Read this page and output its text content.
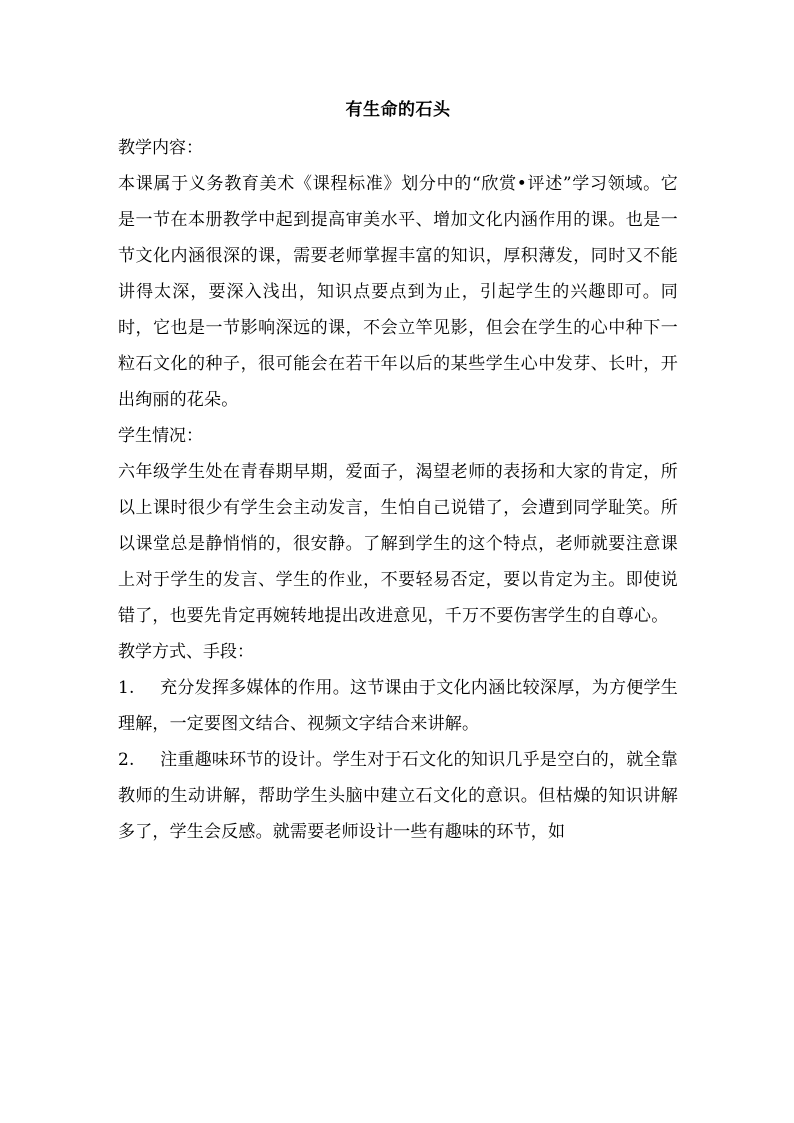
有生命的石头

教学内容：

本课属于义务教育美术《课程标准》划分中的“欣赏•评述”学习领域。它是一节在本册教学中起到提高审美水平、增加文化内涵作用的课。也是一节文化内涵很深的课，需要老师掌握丰富的知识，厚积薄发，同时又不能讲得太深，要深入浅出，知识点要点到为止，引起学生的兴趣即可。同时，它也是一节影响深远的课，不会立竿见影，但会在学生的心中种下一粒石文化的种子，很可能会在若干年以后的某些学生心中发芽、长叶，开出绚丽的花朵。

学生情况：

六年级学生处在青春期早期，爱面子，渴望老师的表扬和大家的肯定，所以上课时很少有学生会主动发言，生怕自己说错了，会遭到同学耻笑。所以课堂总是静悄悄的，很安静。了解到学生的这个特点，老师就要注意课上对于学生的发言、学生的作业，不要轻易否定，要以肯定为主。即使说错了，也要先肯定再婉转地提出改进意见，千万不要伤害学生的自尊心。

教学方式、手段：

1. 充分发挥多媒体的作用。这节课由于文化内涵比较深厚，为方便学生理解，一定要图文结合、视频文字结合来讲解。

2. 注重趣味环节的设计。学生对于石文化的知识几乎是空白的，就全靠教师的生动讲解，帮助学生头脑中建立石文化的意识。但枯燥的知识讲解多了，学生会反感。就需要老师设计一些有趣味的环节，如
